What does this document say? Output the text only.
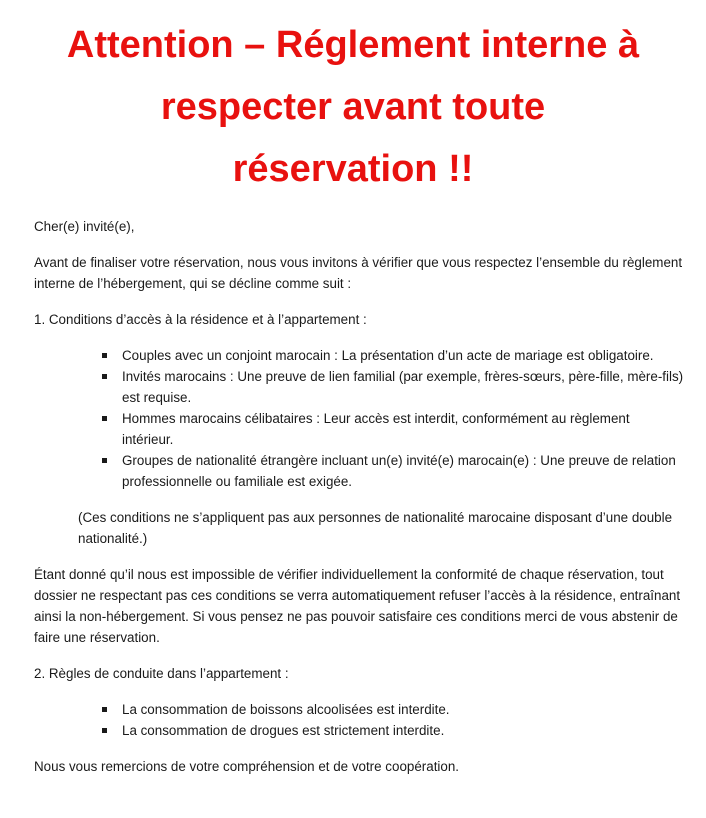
Attention – Réglement interne à
respecter avant toute
réservation !!

Cher(e) invité(e),

Avant de finaliser votre réservation, nous vous invitons à vérifier que vous respectez l’ensemble du règlement interne de l’hébergement, qui se décline comme suit :

1. Conditions d’accès à la résidence et à l’appartement :

Couples avec un conjoint marocain : La présentation d’un acte de mariage est obligatoire.
Invités marocains : Une preuve de lien familial (par exemple, frères-sœurs, père-fille, mère-fils) est requise.
Hommes marocains célibataires : Leur accès est interdit, conformément au règlement intérieur.
Groupes de nationalité étrangère incluant un(e) invité(e) marocain(e) : Une preuve de relation professionnelle ou familiale est exigée.

(Ces conditions ne s’appliquent pas aux personnes de nationalité marocaine disposant d’une double nationalité.)

Étant donné qu’il nous est impossible de vérifier individuellement la conformité de chaque réservation, tout dossier ne respectant pas ces conditions se verra automatiquement refuser l’accès à la résidence, entraînant ainsi la non-hébergement. Si vous pensez ne pas pouvoir satisfaire ces conditions merci de vous abstenir de faire une réservation.

2. Règles de conduite dans l’appartement :

La consommation de boissons alcoolisées est interdite.
La consommation de drogues est strictement interdite.

Nous vous remercions de votre compréhension et de votre coopération.
